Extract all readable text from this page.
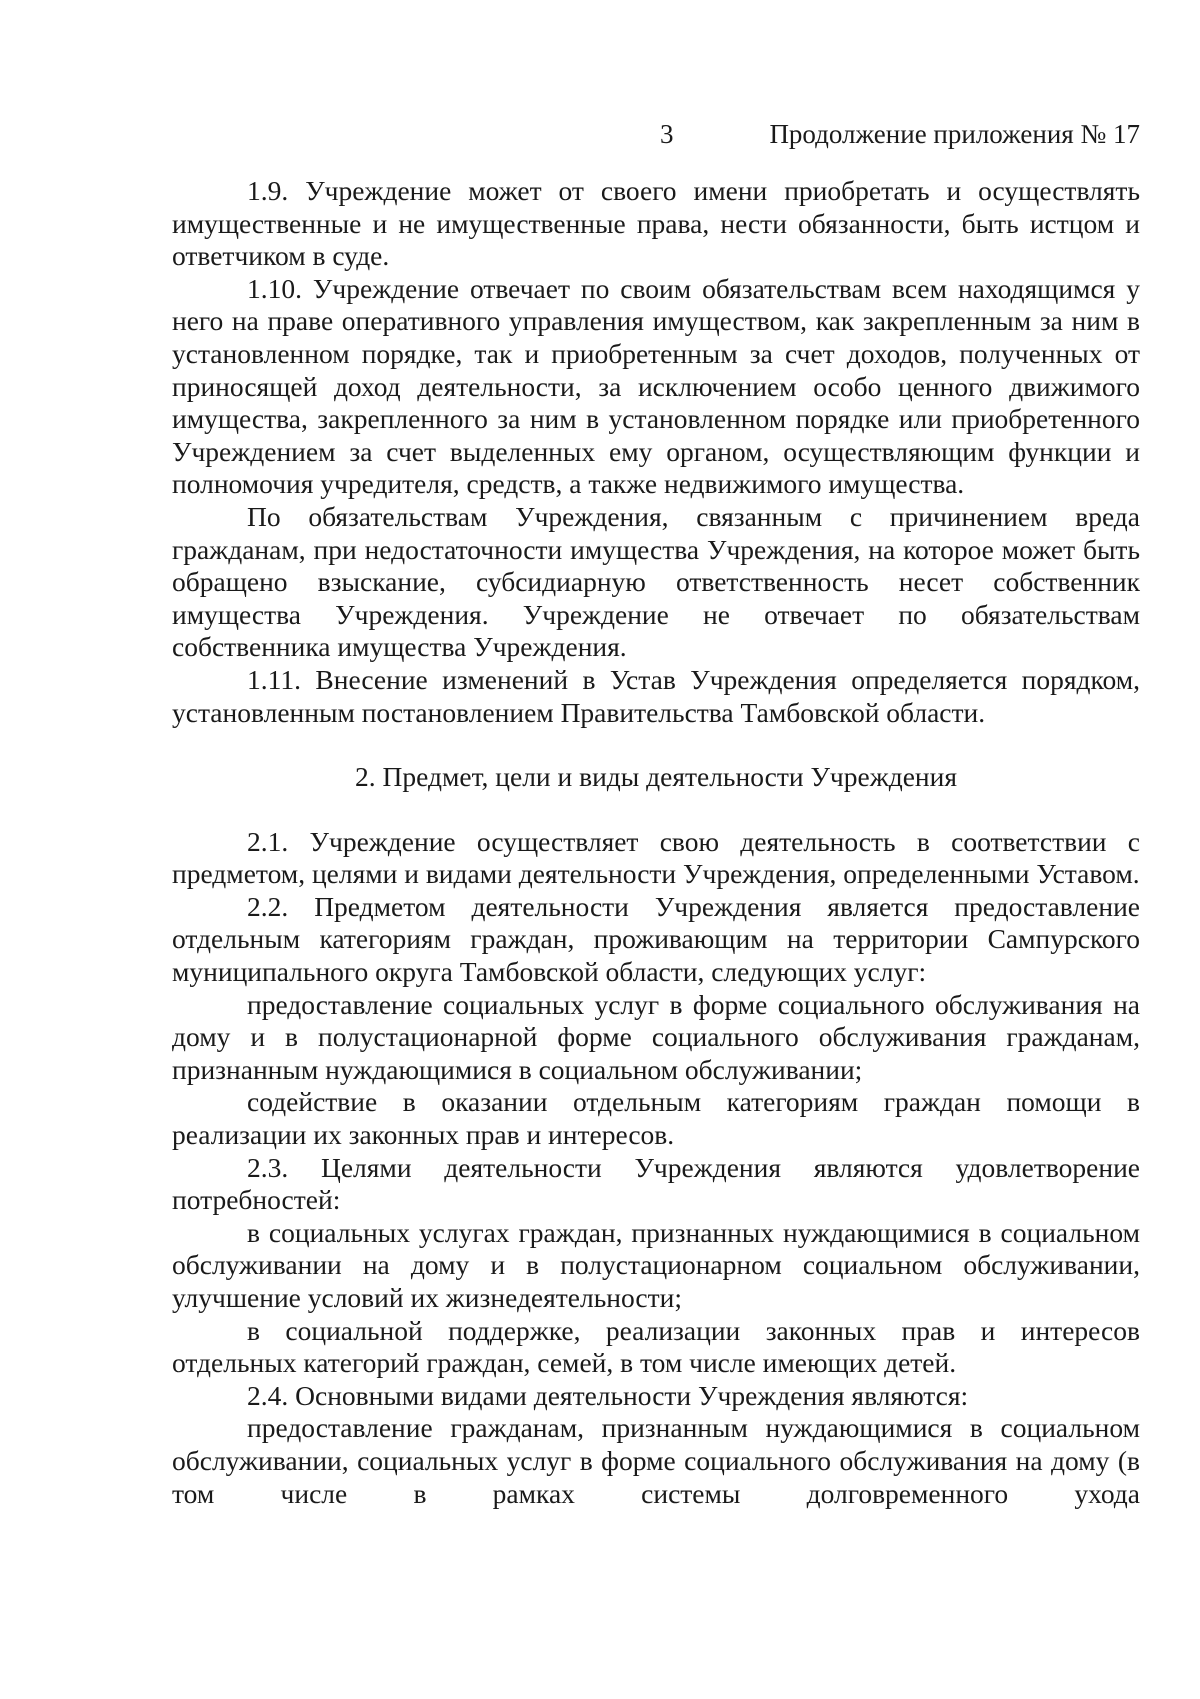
3	Продолжение приложения № 17

1.9. Учреждение может от своего имени приобретать и осуществлять имущественные и не имущественные права, нести обязанности, быть истцом и ответчиком в суде.

1.10. Учреждение отвечает по своим обязательствам всем находящимся у него на праве оперативного управления имуществом, как закрепленным за ним в установленном порядке, так и приобретенным за счет доходов, полученных от приносящей доход деятельности, за исключением особо ценного движимого имущества, закрепленного за ним в установленном порядке или приобретенного Учреждением за счет выделенных ему органом, осуществляющим функции и полномочия учредителя, средств, а также недвижимого имущества.

По обязательствам Учреждения, связанным с причинением вреда гражданам, при недостаточности имущества Учреждения, на которое может быть обращено взыскание, субсидиарную ответственность несет собственник имущества Учреждения. Учреждение не отвечает по обязательствам собственника имущества Учреждения.

1.11. Внесение изменений в Устав Учреждения определяется порядком, установленным постановлением Правительства Тамбовской области.

2. Предмет, цели и виды деятельности Учреждения

2.1. Учреждение осуществляет свою деятельность в соответствии с предметом, целями и видами деятельности Учреждения, определенными Уставом.

2.2. Предметом деятельности Учреждения является предоставление отдельным категориям граждан, проживающим на территории Сампурского муниципального округа Тамбовской области, следующих услуг:

предоставление социальных услуг в форме социального обслуживания на дому и в полустационарной форме социального обслуживания гражданам, признанным нуждающимися в социальном обслуживании;

содействие в оказании отдельным категориям граждан помощи в реализации их законных прав и интересов.

2.3. Целями деятельности Учреждения являются удовлетворение потребностей:

в социальных услугах граждан, признанных нуждающимися в социальном обслуживании на дому и в полустационарном социальном обслуживании, улучшение условий их жизнедеятельности;

в социальной поддержке, реализации законных прав и интересов отдельных категорий граждан, семей, в том числе имеющих детей.

2.4. Основными видами деятельности Учреждения являются:

предоставление гражданам, признанным нуждающимися в социальном обслуживании, социальных услуг в форме социального обслуживания на дому (в том числе в рамках системы долговременного ухода
